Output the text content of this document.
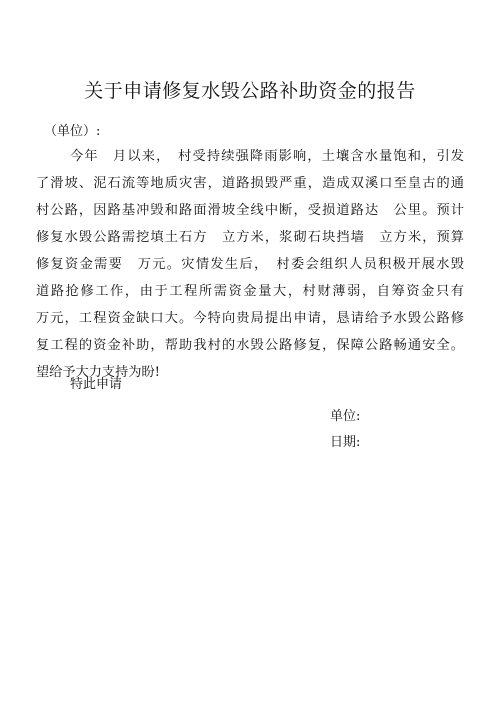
关于申请修复水毁公路补助资金的报告
（单位）:
今年　月以来，　村受持续强降雨影响，土壤含水量饱和，引发
了滑坡、泥石流等地质灾害，道路损毁严重，造成双溪口至皇古的通
村公路，因路基冲毁和路面滑坡全线中断，受损道路达　公里。预计
修复水毁公路需挖填土石方　立方米，浆砌石块挡墙　立方米，预算
修复资金需要　万元。灾情发生后，　村委会组织人员积极开展水毁
道路抢修工作，由于工程所需资金量大，村财薄弱，自筹资金只有
万元，工程资金缺口大。今特向贵局提出申请，恳请给予水毁公路修
复工程的资金补助，帮助我村的水毁公路修复，保障公路畅通安全。
望给予大力支持为盼!
特此申请
单位:
日期:
